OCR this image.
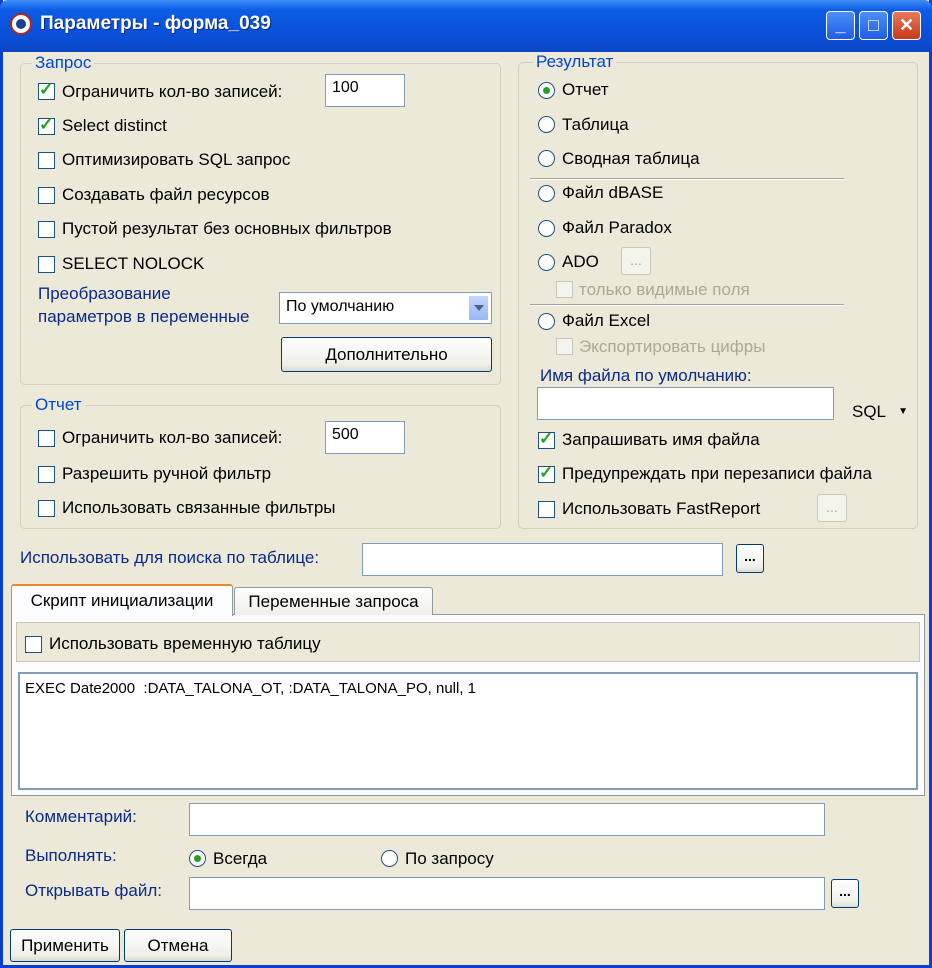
Параметры - форма_039	_	□	✕
Запрос
✓
Ограничить кол-во записей:	100
✓
Select distinct
Оптимизировать SQL запрос
Создавать файл ресурсов
Пустой результат без основных фильтров
SELECT NOLOCK
Преобразование
параметров в переменные
По умолчанию
Дополнительно
Отчет
Ограничить кол-во записей:	500
Разрешить ручной фильтр
Использовать связанные фильтры
Результат
Отчет
Таблица
Сводная таблица
Файл dBASE
Файл Paradox
ADO	...
только видимые поля
Файл Excel
Экспортировать цифры
Имя файла по умолчанию:
SQL ▼
✓
Запрашивать имя файла
✓
Предупреждать при перезаписи файла
Использовать FastReport	...
Использовать для поиска по таблице:	...
Скрипт инициализации	Переменные запроса
Использовать временную таблицу
EXEC Date2000  :DATA_TALONA_OT, :DATA_TALONA_PO, null, 1
Комментарий:
Выполнять:	Всегда	По запросу
Открывать файл:	...
Применить	Отмена
